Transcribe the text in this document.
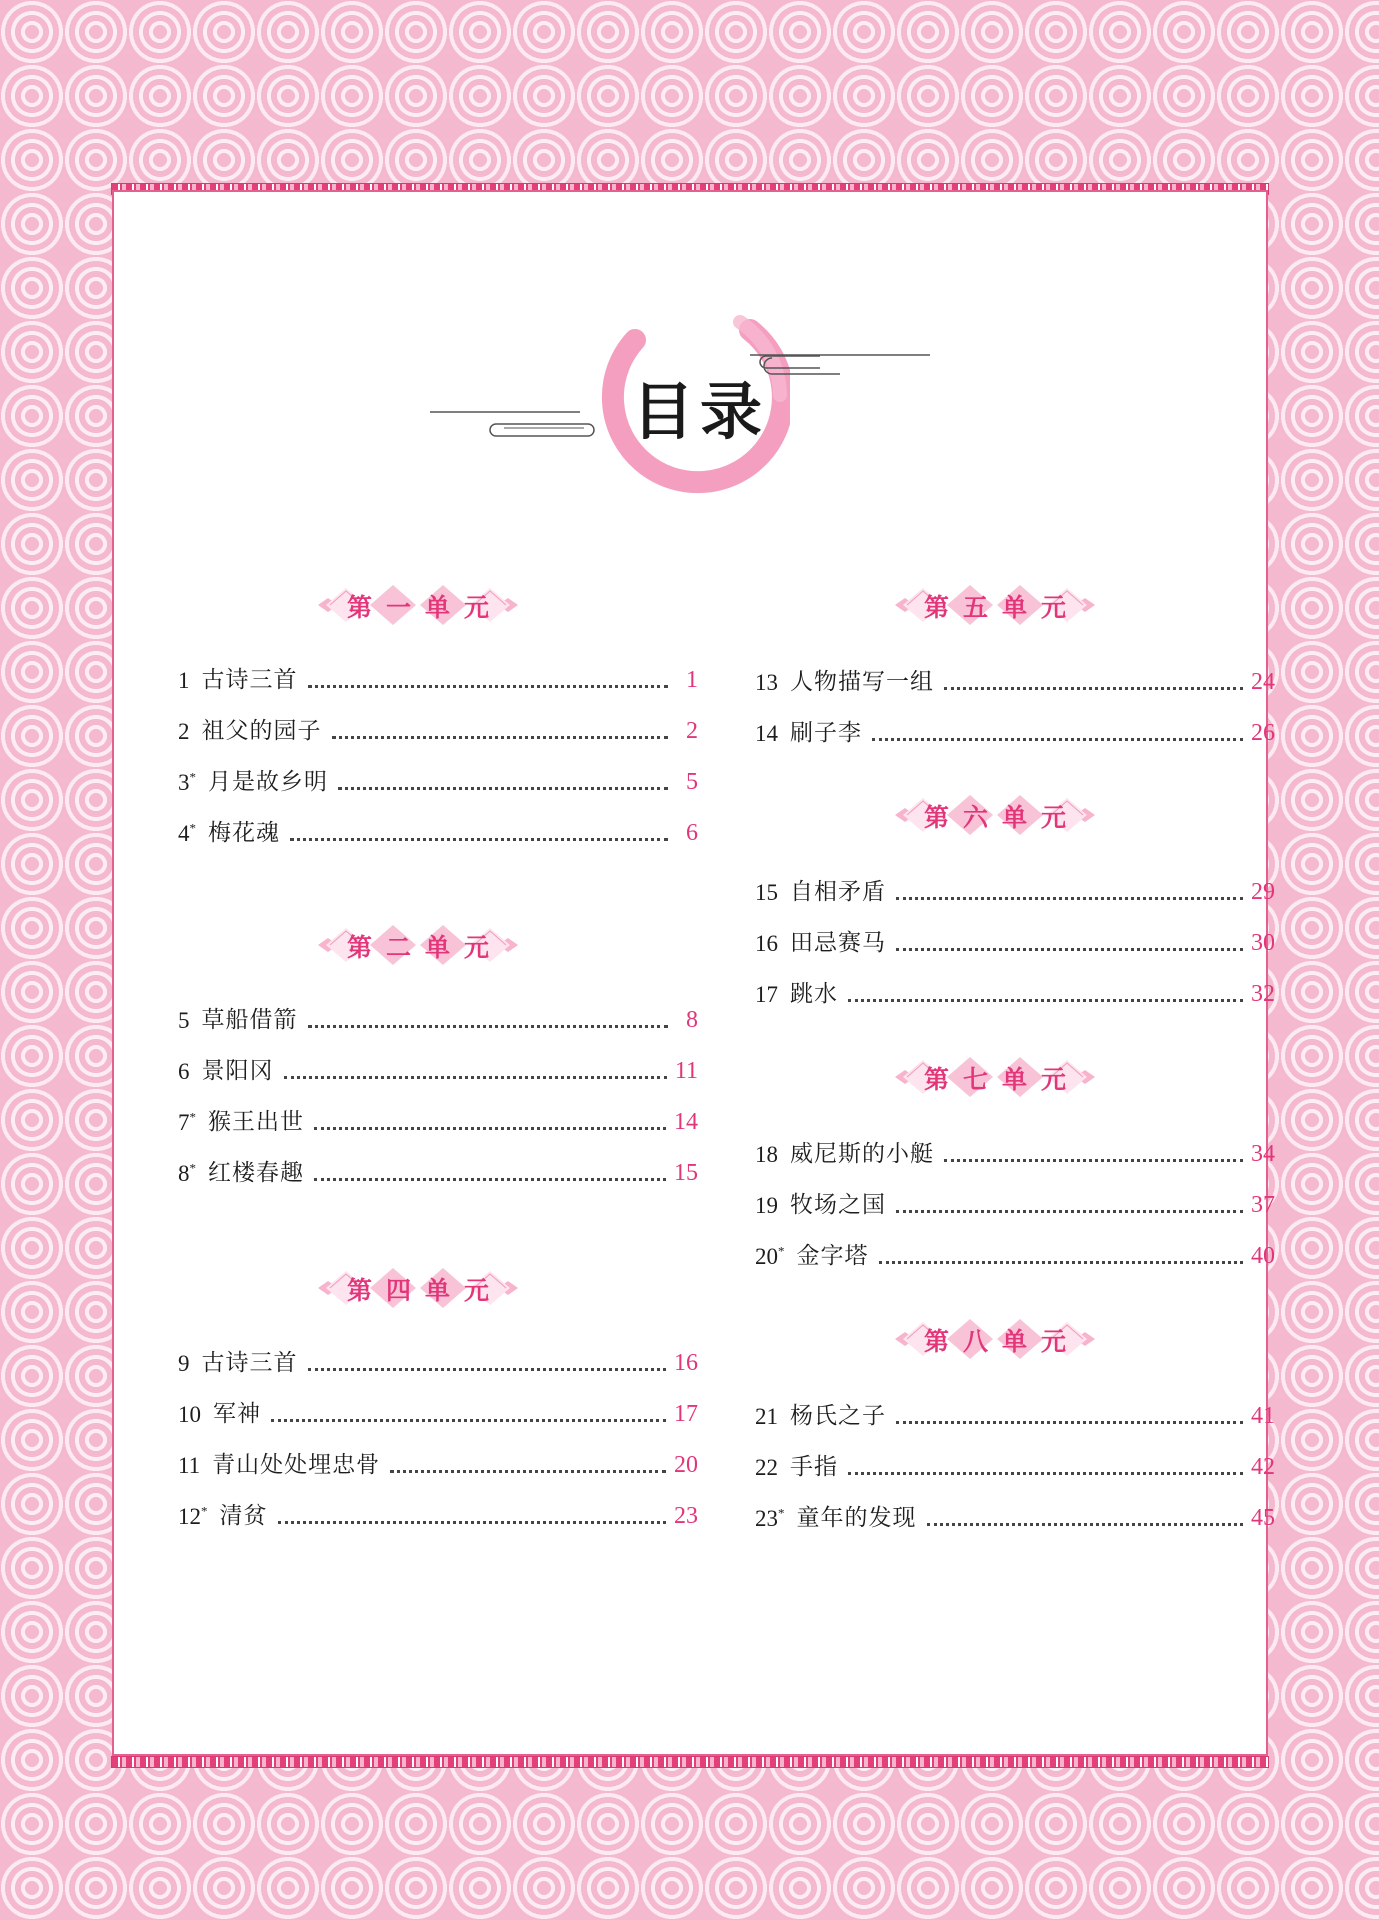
目录
第一单元
1 古诗三首	1
2 祖父的园子	2
3* 月是故乡明	5
4* 梅花魂	6
第二单元
5 草船借箭	8
6 景阳冈	11
7* 猴王出世	14
8* 红楼春趣	15
第四单元
9 古诗三首	16
10 军神	17
11 青山处处埋忠骨	20
12* 清贫	23
第五单元
13 人物描写一组	24
14 刷子李	26
第六单元
15 自相矛盾	29
16 田忌赛马	30
17 跳水	32
第七单元
18 威尼斯的小艇	34
19 牧场之国	37
20* 金字塔	40
第八单元
21 杨氏之子	41
22 手指	42
23* 童年的发现	45
